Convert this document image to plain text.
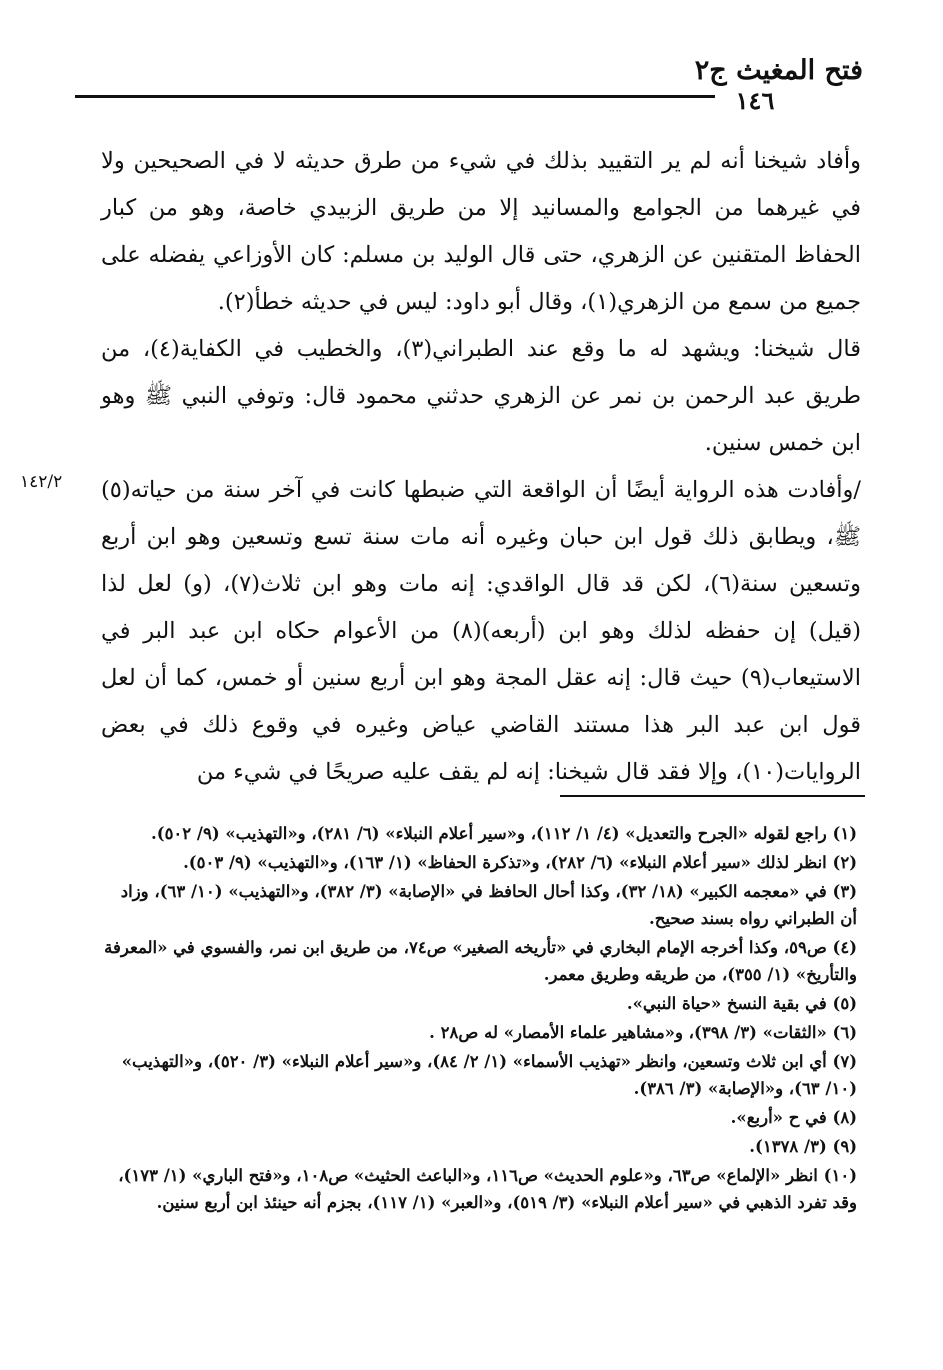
فتح المغيث ج٢
١٤٦
١٤٢/٢

وأفاد شيخنا أنه لم ير التقييد بذلك في شيء من طرق حديثه لا في الصحيحين ولا في غيرهما من الجوامع والمسانيد إلا من طريق الزبيدي خاصة، وهو من كبار الحفاظ المتقنين عن الزهري، حتى قال الوليد بن مسلم: كان الأوزاعي يفضله على جميع من سمع من الزهري(١)، وقال أبو داود: ليس في حديثه خطأ(٢).

قال شيخنا: ويشهد له ما وقع عند الطبراني(٣)، والخطيب في الكفاية(٤)، من طريق عبد الرحمن بن نمر عن الزهري حدثني محمود قال: وتوفي النبي ﷺ وهو ابن خمس سنين.

/وأفادت هذه الرواية أيضًا أن الواقعة التي ضبطها كانت في آخر سنة من حياته(٥) ﷺ، ويطابق ذلك قول ابن حبان وغيره أنه مات سنة تسع وتسعين وهو ابن أربع وتسعين سنة(٦)، لكن قد قال الواقدي: إنه مات وهو ابن ثلاث(٧)، (و) لعل لذا (قيل) إن حفظه لذلك وهو ابن (أربعه)(٨) من الأعوام حكاه ابن عبد البر في الاستيعاب(٩) حيث قال: إنه عقل المجة وهو ابن أربع سنين أو خمس، كما أن لعل قول ابن عبد البر هذا مستند القاضي عياض وغيره في وقوع ذلك في بعض الروايات(١٠)، وإلا فقد قال شيخنا: إنه لم يقف عليه صريحًا في شيء من

(١) راجع لقوله «الجرح والتعديل» (٤/ ١/ ١١٢)، و«سير أعلام النبلاء» (٦/ ٢٨١)، و«التهذيب» (٩/ ٥٠٢).

(٢) انظر لذلك «سير أعلام النبلاء» (٦/ ٢٨٢)، و«تذكرة الحفاظ» (١/ ١٦٣)، و«التهذيب» (٩/ ٥٠٣).

(٣) في «معجمه الكبير» (١٨/ ٣٢)، وكذا أحال الحافظ في «الإصابة» (٣/ ٣٨٢)، و«التهذيب» (١٠/ ٦٣)، وزاد أن الطبراني رواه بسند صحيح.

(٤) ص٥٩، وكذا أخرجه الإمام البخاري في «تأريخه الصغير» ص٧٤، من طريق ابن نمر، والفسوي في «المعرفة والتأريخ» (١/ ٣٥٥)، من طريقه وطريق معمر.

(٥) في بقية النسخ «حياة النبي».

(٦) «الثقات» (٣/ ٣٩٨)، و«مشاهير علماء الأمصار» له ص٢٨ .

(٧) أي ابن ثلاث وتسعين، وانظر «تهذيب الأسماء» (١/ ٢/ ٨٤)، و«سير أعلام النبلاء» (٣/ ٥٢٠)، و«التهذيب» (١٠/ ٦٣)، و«الإصابة» (٣/ ٣٨٦).

(٨) في ح «أربع».

(٩) (٣/ ١٣٧٨).

(١٠) انظر «الإلماع» ص٦٣، و«علوم الحديث» ص١١٦، و«الباعث الحثيث» ص١٠٨، و«فتح الباري» (١/ ١٧٣)، وقد تفرد الذهبي في «سير أعلام النبلاء» (٣/ ٥١٩)، و«العبر» (١/ ١١٧)، بجزم أنه حينئذ ابن أربع سنين.
